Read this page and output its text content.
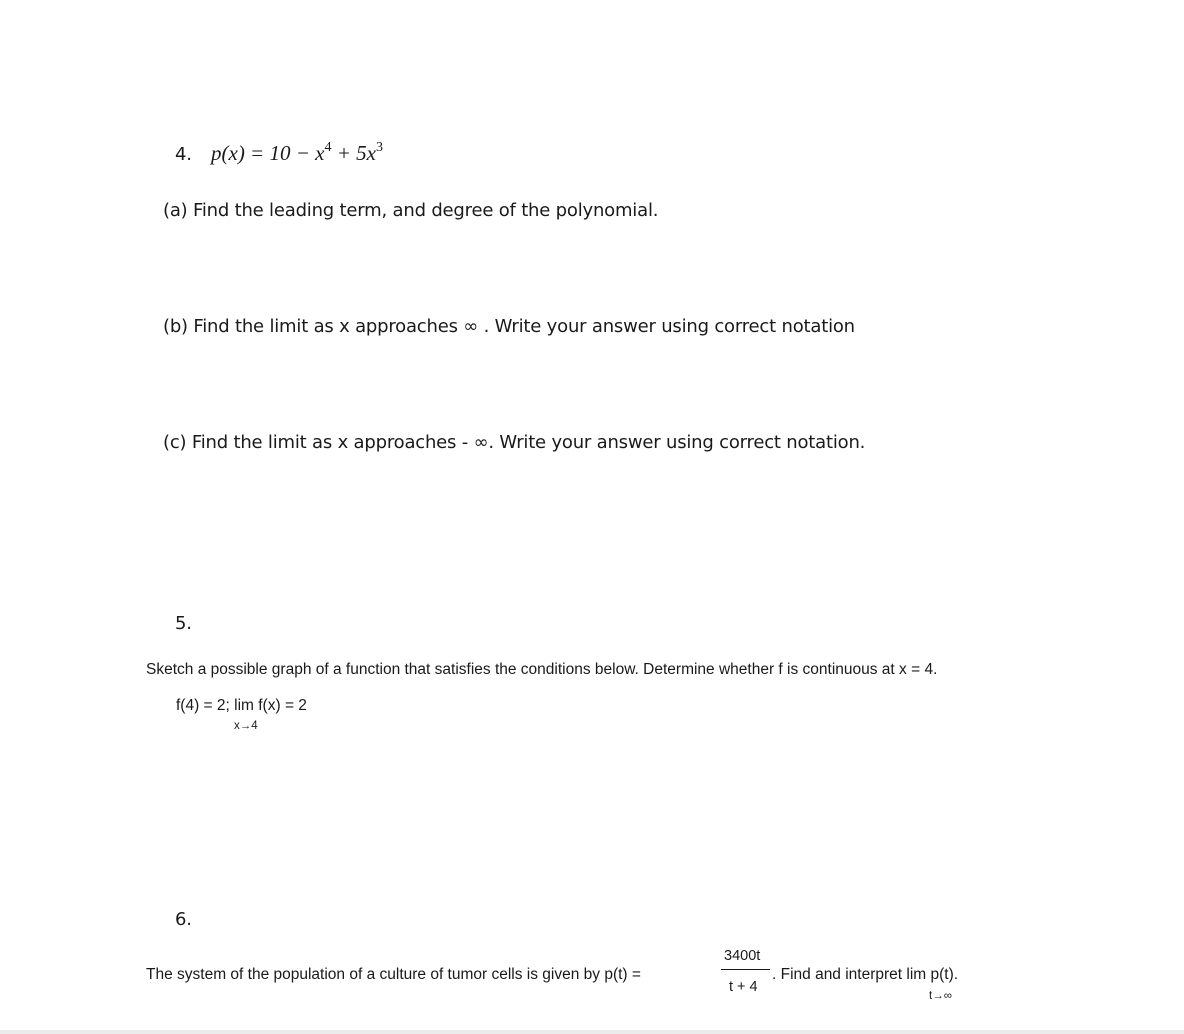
4. $p(x) = 10 - x^4 + 5x^3$
(a) Find the leading term, and degree of the polynomial.
(b) Find the limit as x approaches ∞ . Write your answer using correct notation
(c) Find the limit as x approaches - ∞. Write your answer using correct notation.
5.
Sketch a possible graph of a function that satisfies the conditions below. Determine whether f is continuous at x = 4.
f(4) = 2; lim f(x) = 2
x→4
6.
The system of the population of a culture of tumor cells is given by p(t) =
3400t
t + 4
. Find and interpret lim p(t).
t→∞
